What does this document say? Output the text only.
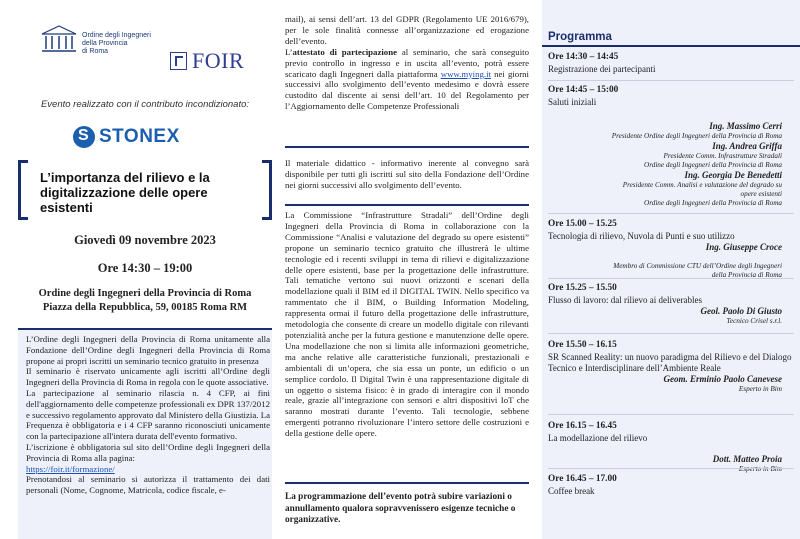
Ordine degli Ingegneri
della Provincia
di Roma	FOIR
Evento realizzato con il contributo incondizionato:
S
STONEX
L’importanza del rilievo e la digitalizzazione delle opere esistenti
Giovedì 09 novembre 2023
Ore 14:30 – 19:00
Ordine degli Ingegneri della Provincia di Roma
Piazza della Repubblica, 59, 00185 Roma RM

L’Ordine degli Ingegneri della Provincia di Roma unitamente alla Fondazione dell’Ordine degli Ingegneri della Provincia di Roma propone ai propri iscritti un seminario tecnico gratuito in presenza

Il seminario è riservato unicamente agli iscritti all’Ordine degli Ingegneri della Provincia di Roma in regola con le quote associative.

La partecipazione al seminario rilascia n. 4 CFP, ai fini dell'aggiornamento delle competenze professionali ex DPR 137/2012 e successivo regolamento approvato dal Ministero della Giustizia. La Frequenza è obbligatoria e i 4 CFP saranno riconosciuti unicamente con la partecipazione all'intera durata dell'evento formativo.

L’iscrizione è obbligatoria sul sito dell’Ordine degli Ingegneri della Provincia di Roma alla pagina:

https://foir.it/formazione/

Prenotandosi al seminario si autorizza il trattamento dei dati personali (Nome, Cognome, Matricola, codice fiscale, e-

mail), ai sensi dell’art. 13 del GDPR (Regolamento UE 2016/679), per le sole finalità connesse all’organizzazione ed erogazione dell’evento.

L’attestato di partecipazione al seminario, che sarà conseguito previo controllo in ingresso e in uscita all’evento, potrà essere scaricato dagli Ingegneri dalla piattaforma www.mying.it nei giorni successivi allo svolgimento dell’evento medesimo e dovrà essere custodito dal discente ai sensi dell’art. 10 del Regolamento per l’Aggiornamento delle Competenze Professionali

Il materiale didattico - informativo inerente al convegno sarà disponibile per tutti gli iscritti sul sito della Fondazione dell’Ordine nei giorni successivi allo svolgimento dell’evento.
La Commissione “Infrastrutture Stradali” dell’Ordine degli Ingegneri della Provincia di Roma in collaborazione con la Commissione “Analisi e valutazione del degrado su opere esistenti” propone un seminario tecnico gratuito che illustrerà le ultime tecnologie ed i recenti sviluppi in tema di rilievi e digitalizzazione delle opere esistenti, base per la progettazione delle infrastrutture. Tali tematiche vertono sui nuovi orizzonti e scenari della modellazione quali il BIM ed il DIGITAL TWIN. Nello specifico va rammentato che il BIM, o Building Information Modeling, rappresenta ormai il futuro della progettazione delle infrastrutture, metodologia che consente di creare un modello digitale con rilevanti potenzialità anche per la futura gestione e manutenzione delle opere. Una modellazione che non si limita alle informazioni geometriche, ma anche relative alle caratteristiche funzionali, prestazionali e ambientali di un’opera, che sia essa un ponte, un edificio o un semplice cordolo. Il Digital Twin è una rappresentazione digitale di un oggetto o sistema fisico: è in grado di interagire con il mondo reale, grazie all’integrazione con sensori e altri dispositivi IoT che saranno mostrati durante l’evento. Tali tecnologie, sebbene emergenti potranno rivoluzionare l’intero settore delle costruzioni e della gestione delle opere.
La programmazione dell’evento potrà subire variazioni o annullamento qualora sopravvenissero esigenze tecniche o organizzative.
Programma
Ore 14:30 – 14:45
Registrazione dei partecipanti
Ore 14:45 – 15:00
Saluti iniziali
Ing. Massimo Cerri
Presidente Ordine degli Ingegneri della Provincia di Roma
Ing. Andrea Griffa
Presidente Comm. Infrastrutture Stradali
Ordine degli Ingegneri della Provincia di Roma
Ing. Georgia De Benedetti
Presidente Comm. Analisi e valutazione del degrado su
opere esistenti
Ordine degli Ingegneri della Provincia di Roma
Ore 15.00 – 15.25
Tecnologia di rilievo, Nuvola di Punti e suo utilizzo
Ing. Giuseppe Croce
Membro di Commissione CTU dell’Ordine degli Ingegneri
della Provincia di Roma
Ore 15.25 – 15.50
Flusso di lavoro: dal rilievo ai deliverables
Geol. Paolo Di Giusto
Tecnico Crisel s.r.l.
Ore 15.50 – 16.15
SR Scanned Reality: un nuovo paradigma del Rilievo e del Dialogo Tecnico e Interdisciplinare dell’Ambiente Reale
Geom. Erminio Paolo Canevese
Esperto in Bim
Ore 16.15 – 16.45
La modellazione del rilievo
Dott. Matteo Proia
Ore 16.45 – 17.00
Coffee break
